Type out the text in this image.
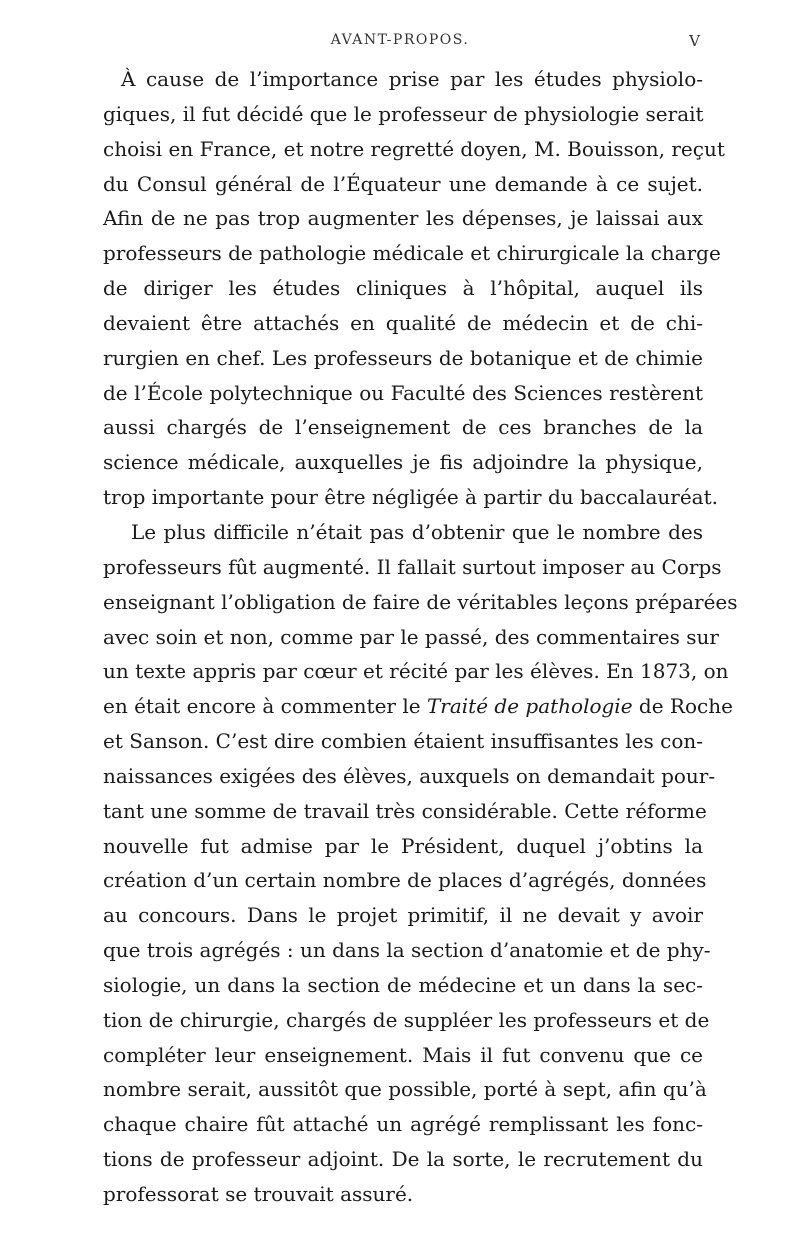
AVANT-PROPOS.	V

À cause de l’importance prise par les études physiolo-
giques, il fut décidé que le professeur de physiologie serait
choisi en France, et notre regretté doyen, M. Bouisson, reçut
du Consul général de l’Équateur une demande à ce sujet.
Afin de ne pas trop augmenter les dépenses, je laissai aux
professeurs de pathologie médicale et chirurgicale la charge
de diriger les études cliniques à l’hôpital, auquel ils
devaient être attachés en qualité de médecin et de chi-
rurgien en chef. Les professeurs de botanique et de chimie
de l’École polytechnique ou Faculté des Sciences restèrent
aussi chargés de l’enseignement de ces branches de la
science médicale, auxquelles je fis adjoindre la physique,
trop importante pour être négligée à partir du baccalauréat.

Le plus difficile n’était pas d’obtenir que le nombre des
professeurs fût augmenté. Il fallait surtout imposer au Corps
enseignant l’obligation de faire de véritables leçons préparées
avec soin et non, comme par le passé, des commentaires sur
un texte appris par cœur et récité par les élèves. En 1873, on
en était encore à commenter le Traité de pathologie de Roche
et Sanson. C’est dire combien étaient insuffisantes les con-
naissances exigées des élèves, auxquels on demandait pour-
tant une somme de travail très considérable. Cette réforme
nouvelle fut admise par le Président, duquel j’obtins la
création d’un certain nombre de places d’agrégés, données
au concours. Dans le projet primitif, il ne devait y avoir
que trois agrégés : un dans la section d’anatomie et de phy-
siologie, un dans la section de médecine et un dans la sec-
tion de chirurgie, chargés de suppléer les professeurs et de
compléter leur enseignement. Mais il fut convenu que ce
nombre serait, aussitôt que possible, porté à sept, afin qu’à
chaque chaire fût attaché un agrégé remplissant les fonc-
tions de professeur adjoint. De la sorte, le recrutement du
professorat se trouvait assuré.
